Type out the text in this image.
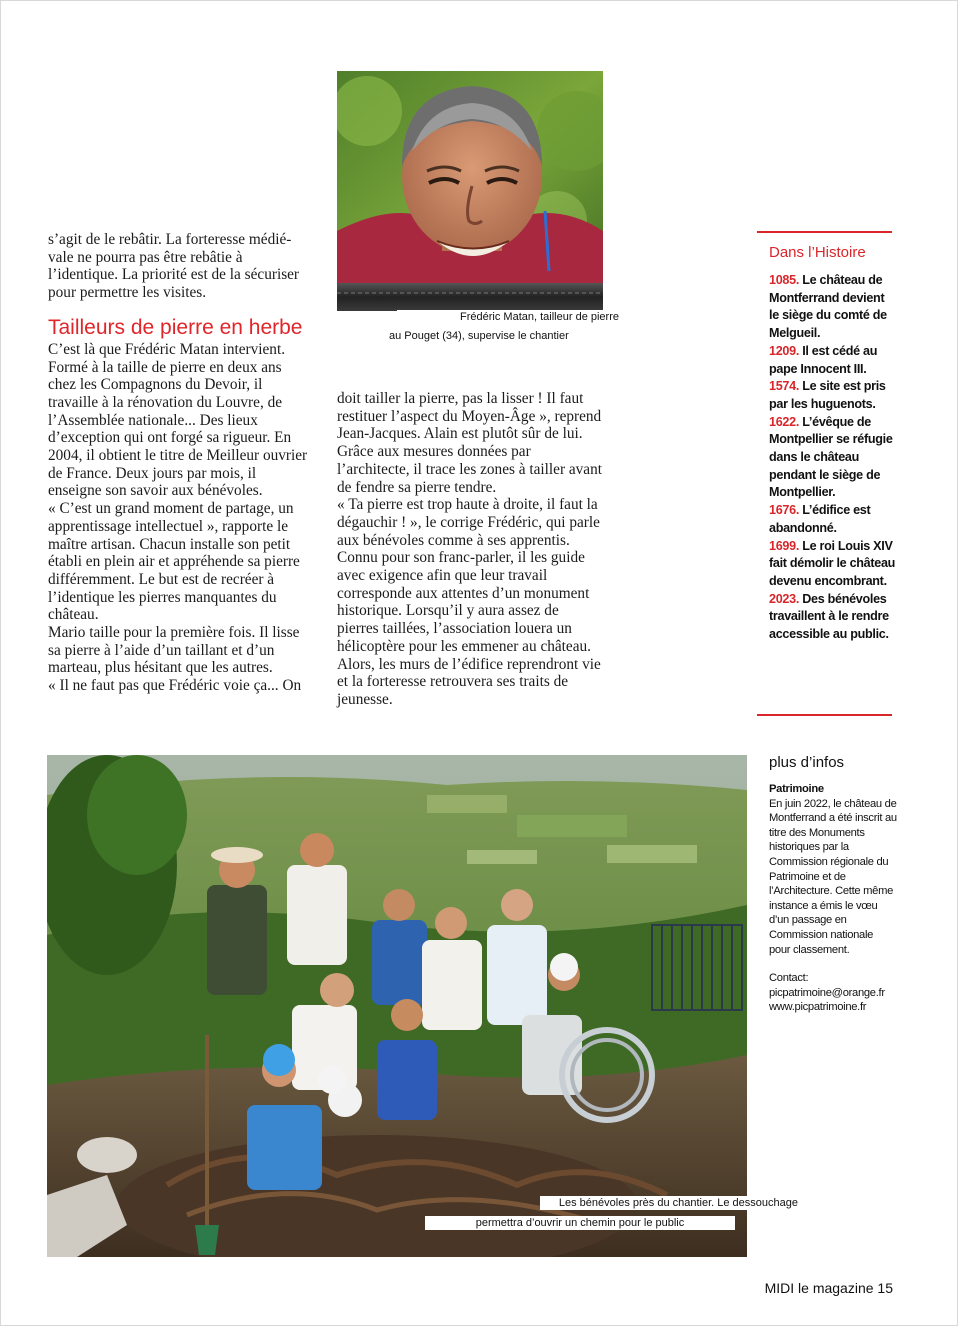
s’agit de le rebâtir. La forteresse médié-vale ne pourra pas être rebâtie à l’identique. La priorité est de la sécuriser pour permettre les visites.

Tailleurs de pierre en herbe

C’est là que Frédéric Matan intervient. Formé à la taille de pierre en deux ans chez les Compagnons du Devoir, il travaille à la rénovation du Louvre, de l’Assemblée nationale... Des lieux d’exception qui ont forgé sa rigueur. En 2004, il obtient le titre de Meilleur ouvrier de France. Deux jours par mois, il enseigne son savoir aux bénévoles.

« C’est un grand moment de partage, un apprentissage intellectuel », rapporte le maître artisan. Chacun installe son petit établi en plein air et appréhende sa pierre différemment. Le but est de recréer à l’identique les pierres manquantes du château.

Mario taille pour la première fois. Il lisse sa pierre à l’aide d’un taillant et d’un marteau, plus hésitant que les autres.

« Il ne faut pas que Frédéric voie ça... On

Frédéric Matan, tailleur de pierre
au Pouget (34), supervise le chantier

doit tailler la pierre, pas la lisser ! Il faut restituer l’aspect du Moyen-Âge », reprend Jean-Jacques. Alain est plutôt sûr de lui. Grâce aux mesures données par l’architecte, il trace les zones à tailler avant de fendre sa pierre tendre.

« Ta pierre est trop haute à droite, il faut la dégauchir ! », le corrige Frédéric, qui parle aux bénévoles comme à ses apprentis. Connu pour son franc-parler, il les guide avec exigence afin que leur travail corresponde aux attentes d’un monument historique. Lorsqu’il y aura assez de pierres taillées, l’association louera un hélicoptère pour les emmener au château. Alors, les murs de l’édifice reprendront vie et la forteresse retrouvera ses traits de jeunesse.

Dans l’Histoire
1085. Le château de Montferrand devient le siège du comté de Melgueil.
1209. Il est cédé au pape Innocent III.
1574. Le site est pris par les huguenots.
1622. L’évêque de Montpellier se réfugie dans le château pendant le siège de Montpellier.
1676. L’édifice est abandonné.
1699. Le roi Louis XIV fait démolir le château devenu encombrant.
2023. Des bénévoles travaillent à le rendre accessible au public.
plus d’infos

Patrimoine

En juin 2022, le château de Montferrand a été inscrit au titre des Monuments historiques par la Commission régionale du Patrimoine et de l’Architecture. Cette même instance a émis le vœu d’un passage en Commission nationale pour classement.

Contact: picpatrimoine@orange.fr

www.picpatrimoine.fr

Les bénévoles près du chantier. Le dessouchage
permettra d’ouvrir un chemin pour le public
MIDI le magazine 15
